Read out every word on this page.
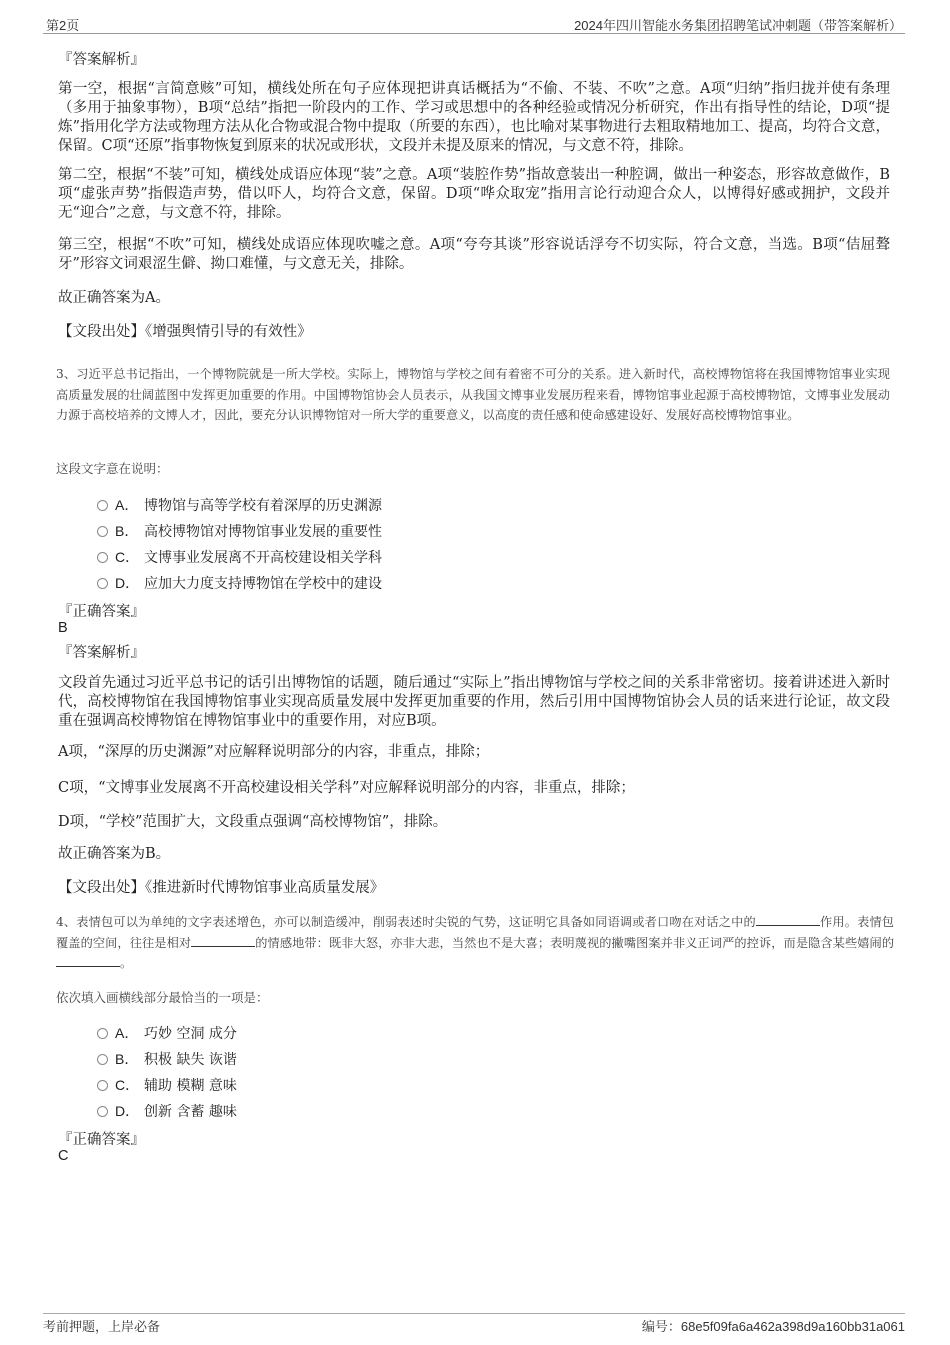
第2页	2024年四川智能水务集团招聘笔试冲刺题（带答案解析）
『答案解析』
第一空，根据“言简意赅”可知，横线处所在句子应体现把讲真话概括为“不偷、不装、不吹”之意。A项“归纳”指归拢并使有条理（多用于抽象事物），B项“总结”指把一阶段内的工作、学习或思想中的各种经验或情况分析研究，作出有指导性的结论，D项“提炼”指用化学方法或物理方法从化合物或混合物中提取（所要的东西），也比喻对某事物进行去粗取精地加工、提高，均符合文意，保留。C项“还原”指事物恢复到原来的状况或形状，文段并未提及原来的情况，与文意不符，排除。
第二空，根据“不装”可知，横线处成语应体现“装”之意。A项“装腔作势”指故意装出一种腔调，做出一种姿态，形容故意做作，B项“虚张声势”指假造声势，借以吓人，均符合文意，保留。D项“哗众取宠”指用言论行动迎合众人，以博得好感或拥护，文段并无“迎合”之意，与文意不符，排除。
第三空，根据“不吹”可知，横线处成语应体现吹嘘之意。A项“夸夸其谈”形容说话浮夸不切实际，符合文意，当选。B项“佶屈聱牙”形容文词艰涩生僻、拗口难懂，与文意无关，排除。
故正确答案为A。
【文段出处】《增强舆情引导的有效性》
3、习近平总书记指出，一个博物院就是一所大学校。实际上，博物馆与学校之间有着密不可分的关系。进入新时代，高校博物馆将在我国博物馆事业实现高质量发展的壮阔蓝图中发挥更加重要的作用。中国博物馆协会人员表示，从我国文博事业发展历程来看，博物馆事业起源于高校博物馆，文博事业发展动力源于高校培养的文博人才，因此，要充分认识博物馆对一所大学的重要意义，以高度的责任感和使命感建设好、发展好高校博物馆事业。
这段文字意在说明：
A． 博物馆与高等学校有着深厚的历史渊源
B． 高校博物馆对博物馆事业发展的重要性
C． 文博事业发展离不开高校建设相关学科
D． 应加大力度支持博物馆在学校中的建设
『正确答案』
B
『答案解析』
文段首先通过习近平总书记的话引出博物馆的话题，随后通过“实际上”指出博物馆与学校之间的关系非常密切。接着讲述进入新时代，高校博物馆在我国博物馆事业实现高质量发展中发挥更加重要的作用，然后引用中国博物馆协会人员的话来进行论证，故文段重在强调高校博物馆在博物馆事业中的重要作用，对应B项。
A项，“深厚的历史渊源”对应解释说明部分的内容，非重点，排除；
C项，“文博事业发展离不开高校建设相关学科”对应解释说明部分的内容，非重点，排除；
D项，“学校”范围扩大，文段重点强调“高校博物馆”，排除。
故正确答案为B。
【文段出处】《推进新时代博物馆事业高质量发展》
4、表情包可以为单纯的文字表述增色，亦可以制造缓冲，削弱表述时尖锐的气势，这证明它具备如同语调或者口吻在对话之中的	作用。表情包覆盖的空间，往往是相对	的情感地带：既非大怒，亦非大悲，当然也不是大喜；表明蔑视的撇嘴图案并非义正词严的控诉，而是隐含某些嬉闹的。
依次填入画横线部分最恰当的一项是：
A． 巧妙 空洞 成分
B． 积极 缺失 诙谐
C． 辅助 模糊 意味
D． 创新 含蓄 趣味
『正确答案』
C
考前押题，上岸必备	编号：68e5f09fa6a462a398d9a160bb31a061
